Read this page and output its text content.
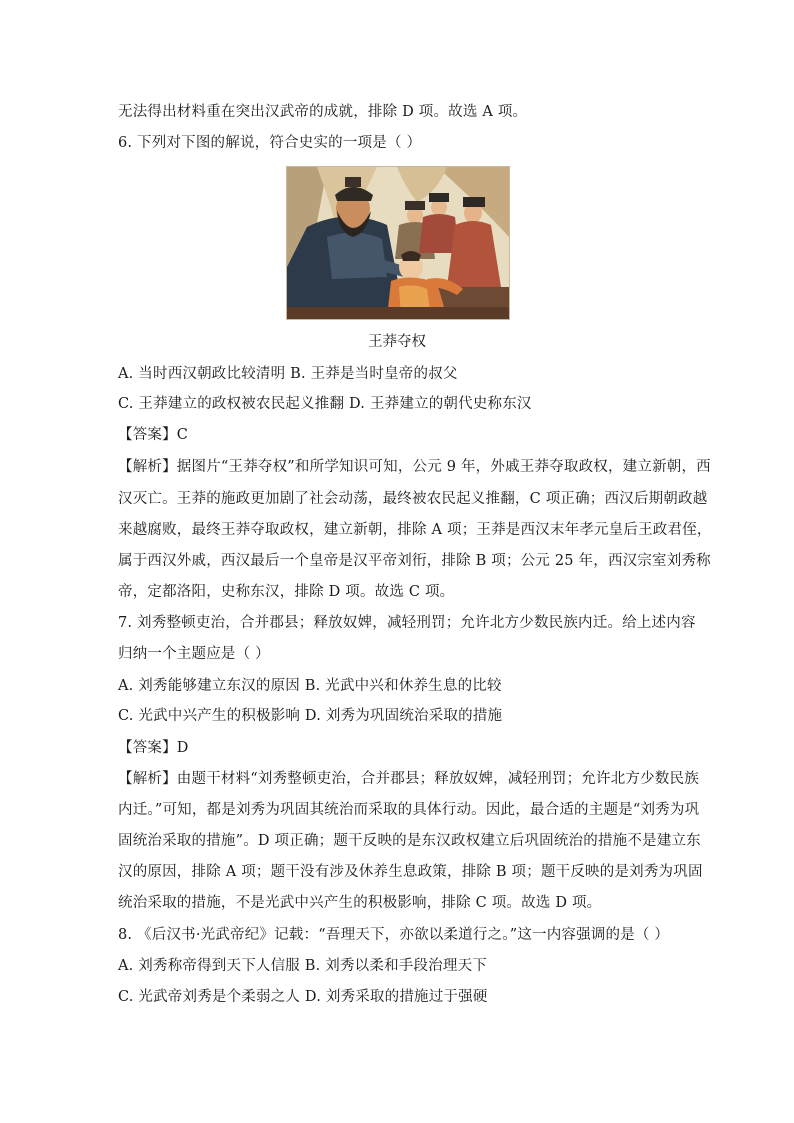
无法得出材料重在突出汉武帝的成就，排除 D 项。故选 A 项。
6. 下列对下图的解说，符合史实的一项是（ ）
王莽夺权
A. 当时西汉朝政比较清明 B. 王莽是当时皇帝的叔父
C. 王莽建立的政权被农民起义推翻 D. 王莽建立的朝代史称东汉
【答案】C
【解析】据图片“王莽夺权”和所学知识可知，公元 9 年，外戚王莽夺取政权，建立新朝，西
汉灭亡。王莽的施政更加剧了社会动荡，最终被农民起义推翻，C 项正确；西汉后期朝政越
来越腐败，最终王莽夺取政权，建立新朝，排除 A 项；王莽是西汉末年孝元皇后王政君侄，
属于西汉外戚，西汉最后一个皇帝是汉平帝刘衎，排除 B 项；公元 25 年，西汉宗室刘秀称
帝，定都洛阳，史称东汉，排除 D 项。故选 C 项。
7. 刘秀整顿吏治，合并郡县；释放奴婢，减轻刑罚；允许北方少数民族内迁。给上述内容
归纳一个主题应是（ ）
A. 刘秀能够建立东汉的原因 B. 光武中兴和休养生息的比较
C. 光武中兴产生的积极影响 D. 刘秀为巩固统治采取的措施
【答案】D
【解析】由题干材料“刘秀整顿吏治，合并郡县；释放奴婢，减轻刑罚；允许北方少数民族
内迁。”可知，都是刘秀为巩固其统治而采取的具体行动。因此，最合适的主题是“刘秀为巩
固统治采取的措施”。D 项正确；题干反映的是东汉政权建立后巩固统治的措施不是建立东
汉的原因，排除 A 项；题干没有涉及休养生息政策，排除 B 项；题干反映的是刘秀为巩固
统治采取的措施，不是光武中兴产生的积极影响，排除 C 项。故选 D 项。
8. 《后汉书·光武帝纪》记载：“吾理天下，亦欲以柔道行之。”这一内容强调的是（ ）
A. 刘秀称帝得到天下人信服 B. 刘秀以柔和手段治理天下
C. 光武帝刘秀是个柔弱之人 D. 刘秀采取的措施过于强硬
